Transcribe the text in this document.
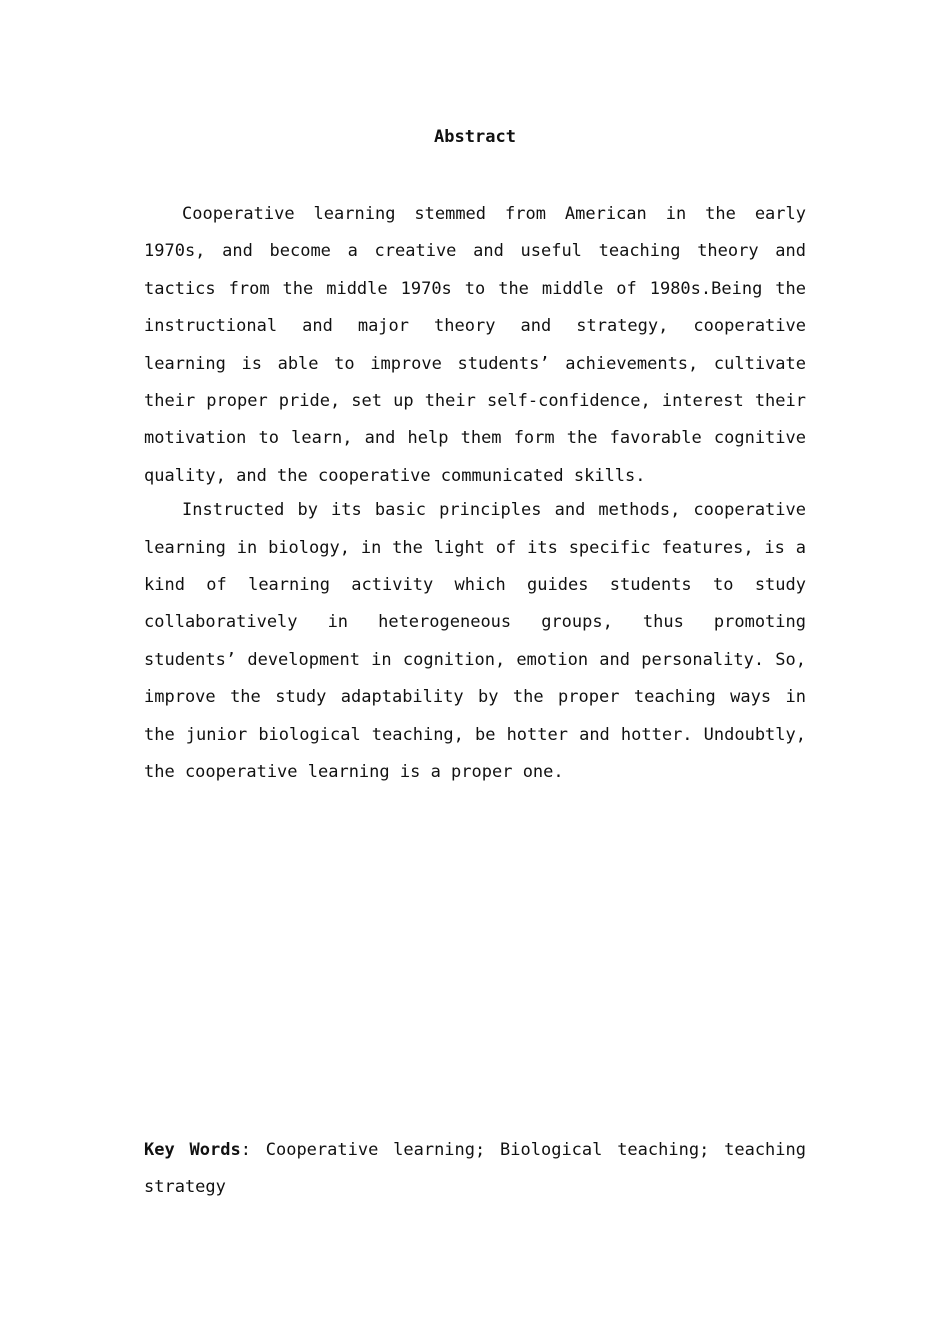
Abstract

Cooperative learning stemmed from American in the early 1970s, and become a creative and useful teaching theory and tactics from the middle 1970s to the middle of 1980s.Being the instructional and major theory and strategy, cooperative learning is able to improve students’ achievements, cultivate their proper pride, set up their self-confidence, interest their motivation to learn, and help them form the favorable cognitive quality, and the cooperative communicated skills.

Instructed by its basic principles and methods, cooperative learning in biology, in the light of its specific features, is a kind of learning activity which guides students to study collaboratively in heterogeneous groups, thus promoting students’ development in cognition, emotion and personality. So, improve the study adaptability by the proper teaching ways in the junior biological teaching, be hotter and hotter. Undoubtly, the cooperative learning is a proper one.

Key Words: Cooperative learning; Biological teaching; teaching strategy
